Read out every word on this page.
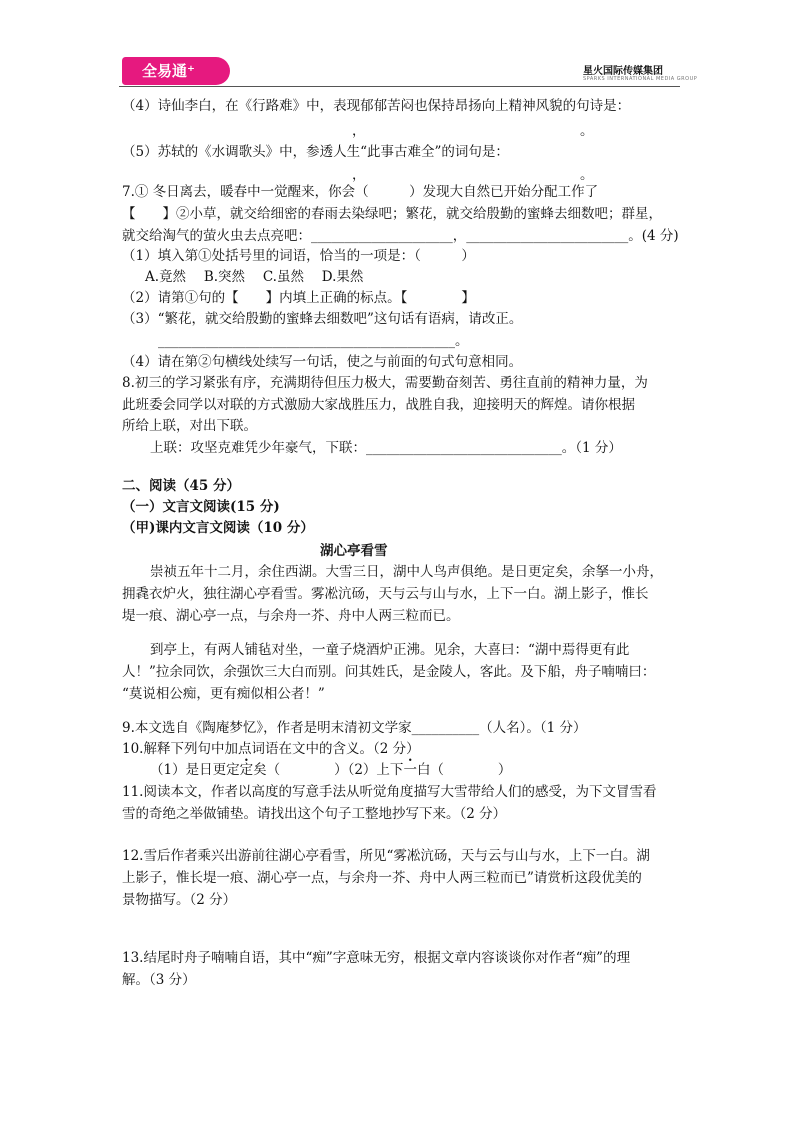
全易通⁺	星火国际传媒集团
SPARKS INTERNATIONAL MEDIA GROUP
（4）诗仙李白，在《行路难》中，表现郁郁苦闷也保持昂扬向上精神风貌的句诗是：
，	。
（5）苏轼的《水调歌头》中，参透人生“此事古难全”的词句是：
，	。
7.① 冬日离去，暖春中一觉醒来，你会（　　　）发现大自然已开始分配工作了
【　　】②小草，就交给细密的春雨去染绿吧；繁花，就交给殷勤的蜜蜂去细数吧；群星，
就交给淘气的萤火虫去点亮吧：_____________________，________________________。(4 分)
（1）填入第①处括号里的词语，恰当的一项是：（　　　）
A.竟然　 B.突然　 C.虽然　 D.果然
（2）请第①句的【　　】内填上正确的标点。【　　　　】
（3）“繁花，就交给殷勤的蜜蜂去细数吧”这句话有语病，请改正。
____________________________________________。
（4）请在第②句横线处续写一句话，使之与前面的句式句意相同。
8.初三的学习紧张有序，充满期待但压力极大，需要勤奋刻苦、勇往直前的精神力量，为
此班委会同学以对联的方式激励大家战胜压力，战胜自我，迎接明天的辉煌。请你根据
所给上联，对出下联。
上联：攻坚克难凭少年豪气，下联：_____________________________。（1 分）
二、阅读（45 分）
（一）文言文阅读(15 分)
（甲)课内文言文阅读（10 分）
湖心亭看雪
崇祯五年十二月，余住西湖。大雪三日，湖中人鸟声俱绝。是日更定矣，余拏一小舟，
拥毳衣炉火，独往湖心亭看雪。雾凇沆砀，天与云与山与水，上下一白。湖上影子，惟长
堤一痕、湖心亭一点，与余舟一芥、舟中人两三粒而已。
到亭上，有两人铺毡对坐，一童子烧酒炉正沸。见余，大喜曰：“湖中焉得更有此
人！”拉余同饮，余强饮三大白而别。问其姓氏，是金陵人，客此。及下船，舟子喃喃曰：
“莫说相公痴，更有痴似相公者！”
9.本文选自《陶庵梦忆》，作者是明末清初文学家__________（人名）。（1 分）
10.解释下列句中加点词语在文中的含义。（2 分）
（1）是日更定定矣（　　　　）（2）上下一白（　　　　）
11.阅读本文，作者以高度的写意手法从听觉角度描写大雪带给人们的感受，为下文冒雪看
雪的奇绝之举做铺垫。请找出这个句子工整地抄写下来。（2 分）
12.雪后作者乘兴出游前往湖心亭看雪，所见“雾凇沆砀，天与云与山与水，上下一白。湖
上影子，惟长堤一痕、湖心亭一点，与余舟一芥、舟中人两三粒而已”请赏析这段优美的
景物描写。（2 分）
13.结尾时舟子喃喃自语，其中“痴”字意味无穷，根据文章内容谈谈你对作者“痴”的理
解。（3 分）
